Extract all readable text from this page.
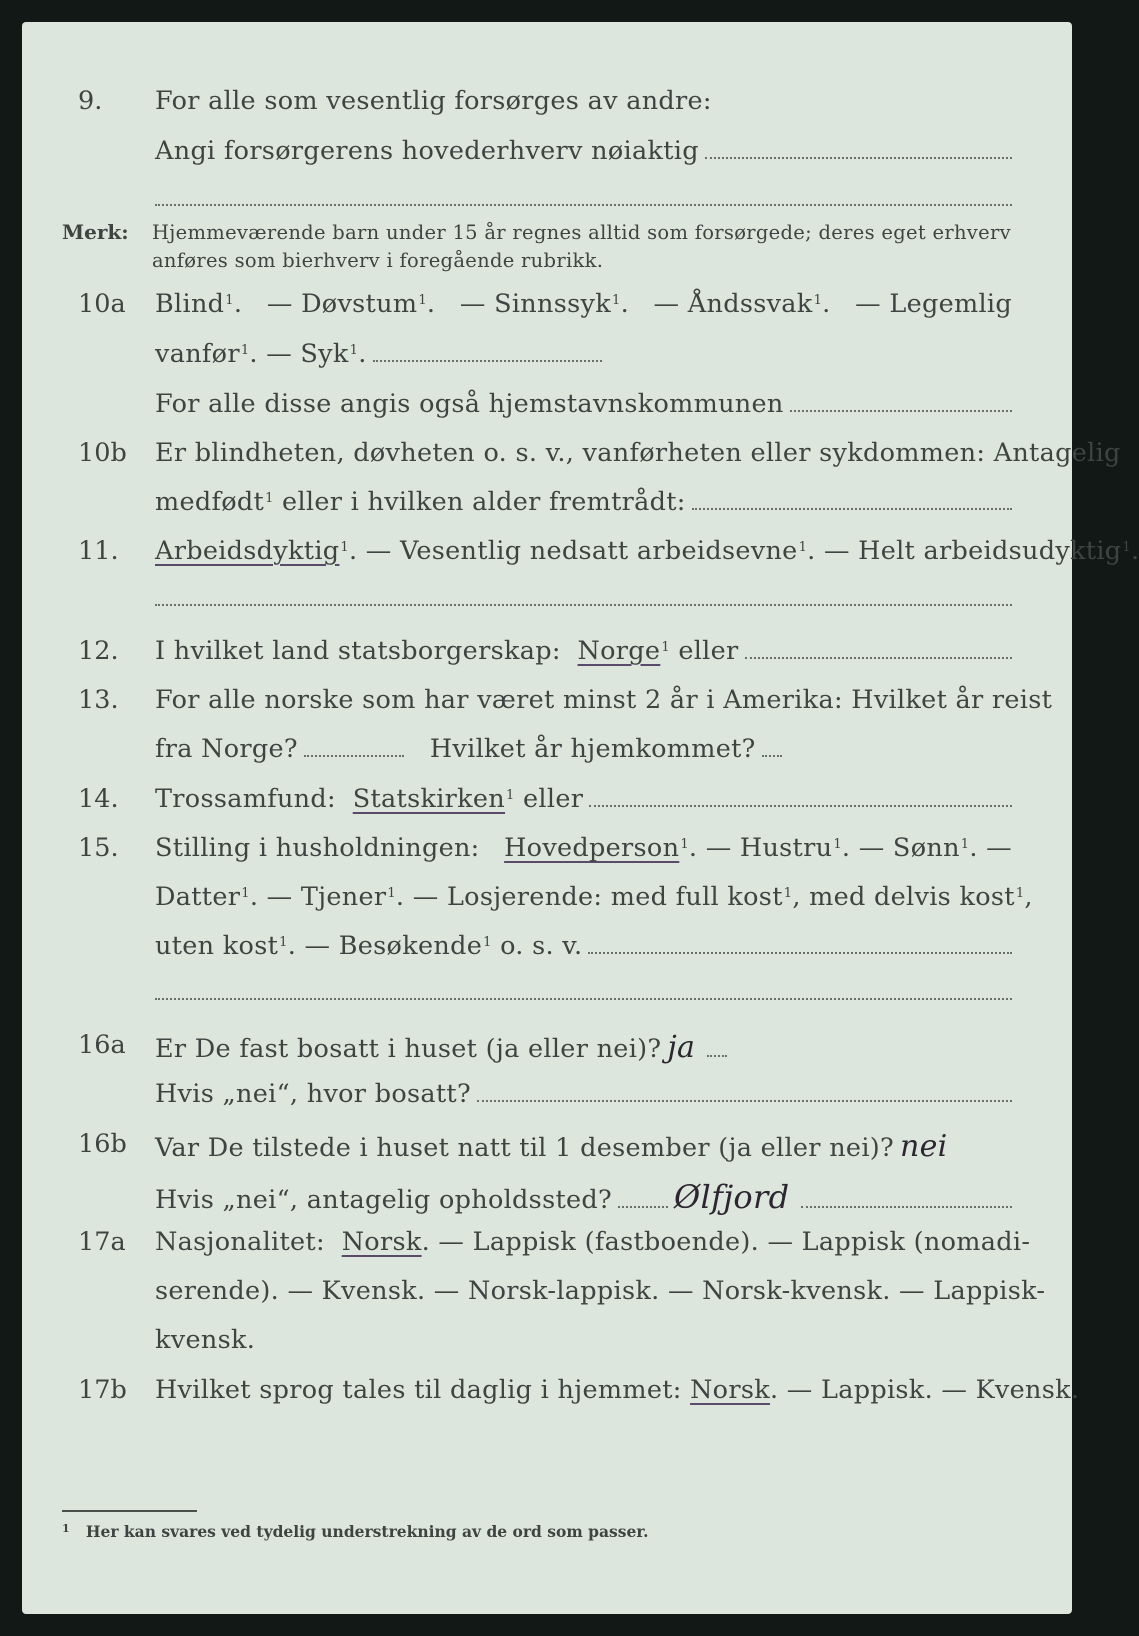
9. For alle som vesentlig forsørges av andre:
Angi forsørgerens hovederhverv nøiaktig
Merk: Hjemmeværende barn under 15 år regnes alltid som forsørgede; deres eget erhverv
anføres som bierhverv i foregående rubrikk.
10a Blind$^1$. — Døvstum$^1$. — Sinnssyk$^1$. — Åndssvak$^1$. — Legemlig
vanfør$^1$ . — Syk$^1$ .
For alle disse angis også hjemstavnskommunen
10b Er blindheten, døvheten o. s. v., vanførheten eller sykdommen: Antagelig
medfødt$^1$
eller i hvilken alder fremtrådt:
11. Arbeidsdyktig$^1$ . — Vesentlig nedsatt arbeidsevne$^1$ . — Helt arbeidsudyktig$^1$ .
12. I hvilket land statsborgerskap:
Norge$^1$
eller
13. For alle norske som har været minst 2 år i Amerika: Hvilket år reist
fra Norge?	Hvilket år hjemkommet?
14. Trossamfund:
Statskirken$^1$
eller
15. Stilling i husholdningen: Hovedperson$^1$. — Hustru$^1$. — Sønn$^1$. —
Datter$^1$ . — Tjener$^1$ . — Losjerende: med full kost$^1$ , med delvis kost$^1$ ,
uten kost$^1$ . — Besøkende$^1$
o. s. v.
16a Er De fast bosatt i huset (ja eller nei)? ja
Hvis „nei“, hvor bosatt?
16b Var De tilstede i huset natt til 1 desember (ja eller nei)? nei
Hvis „nei“, antagelig opholdssted? Ølfjord
17a Nasjonalitet:
Norsk . — Lappisk (fastboende). — Lappisk (nomadi-
serende). — Kvensk. — Norsk-lappisk. — Norsk-kvensk. — Lappisk-
kvensk.
17b Hvilket sprog tales til daglig i hjemmet:
Norsk . — Lappisk. — Kvensk.
$^1$ Her kan svares ved tydelig understrekning av de ord som passer.
